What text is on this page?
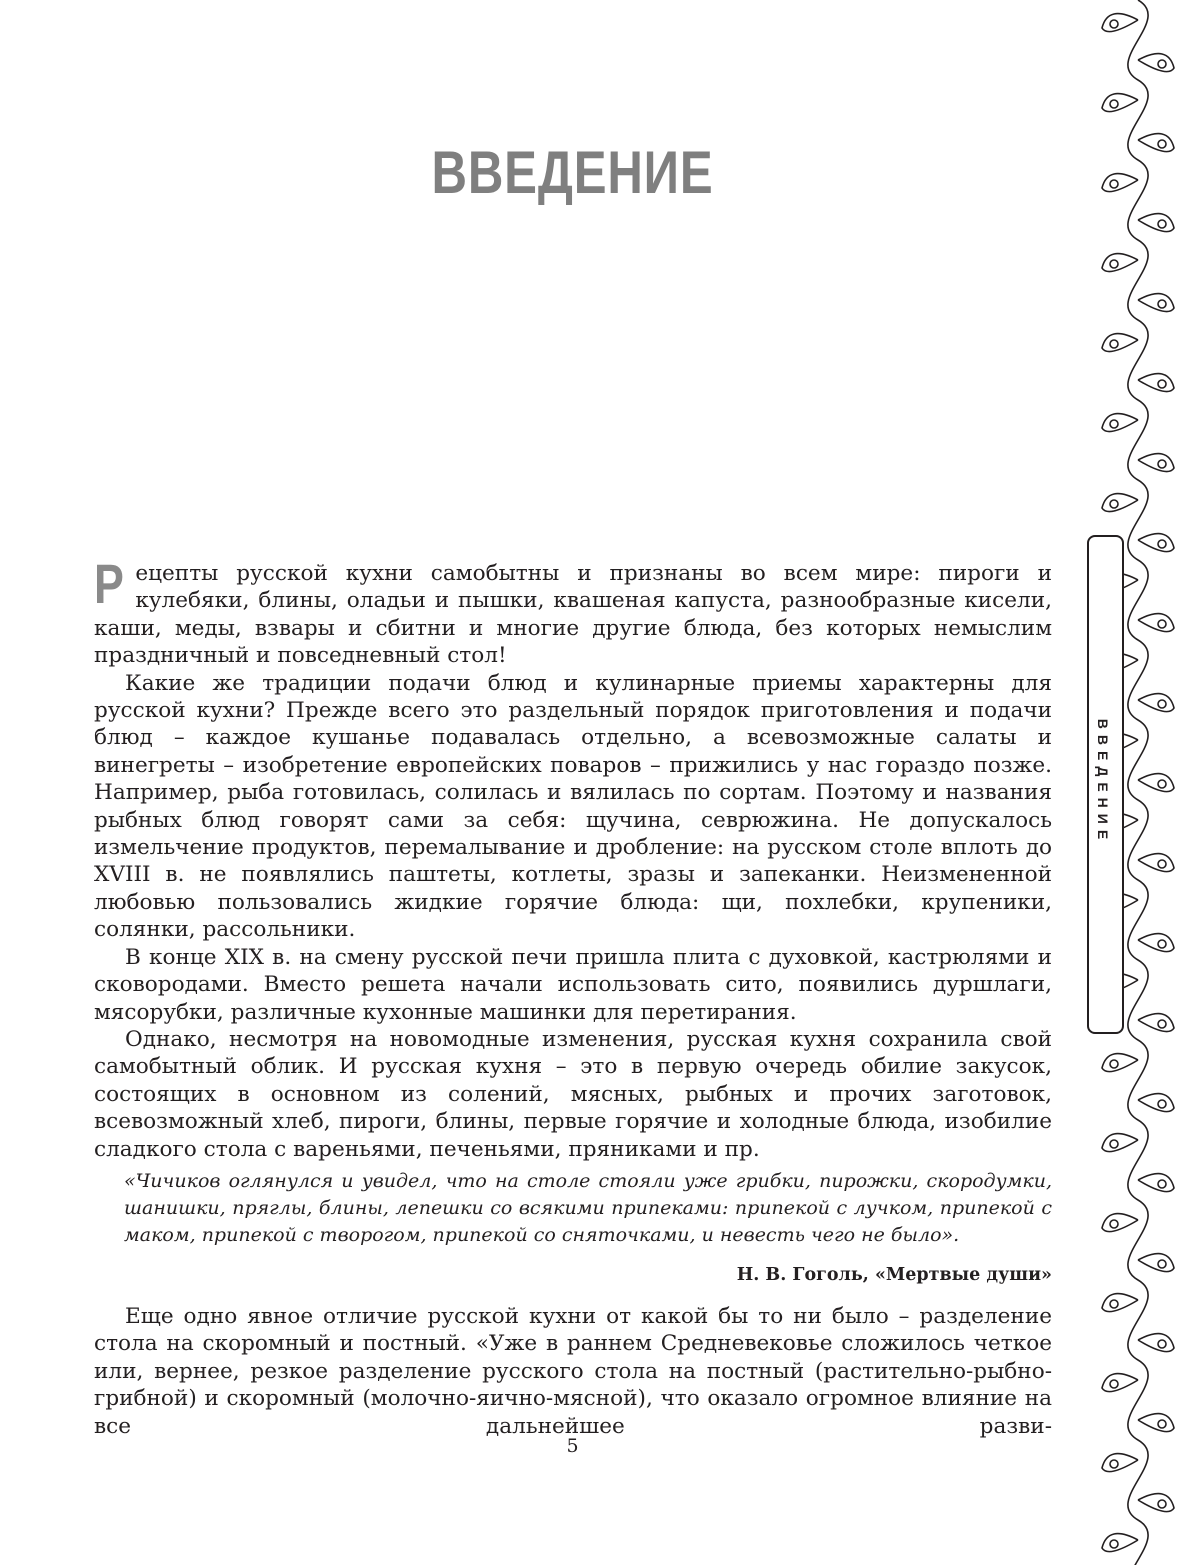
ВВЕДЕНИЕ

Рецепты русской кухни самобытны и признаны во всем мире: пироги и кулебяки, блины, оладьи и пышки, квашеная капуста, разнообразные кисели, каши, меды, взвары и сбитни и многие другие блюда, без которых немыслим праздничный и повседневный стол!

Какие же традиции подачи блюд и кулинарные приемы характерны для русской кухни? Прежде всего это раздельный порядок приготовления и подачи блюд – каждое кушанье подавалась отдельно, а всевозможные салаты и винегреты – изобретение европейских поваров – прижились у нас гораздо позже. Например, рыба готовилась, солилась и вялилась по сортам. Поэтому и названия рыбных блюд говорят сами за себя: щучина, севрюжина. Не допускалось измельчение продуктов, перемалывание и дробление: на русском столе вплоть до XVIII в. не появлялись паштеты, котлеты, зразы и запеканки. Неизмененной любовью пользовались жидкие горячие блюда: щи, похлебки, крупеники, солянки, рассольники.

В конце XIX в. на смену русской печи пришла плита с духовкой, кастрюлями и сковородами. Вместо решета начали использовать сито, появились дуршлаги, мясорубки, различные кухонные машинки для перетирания.

Однако, несмотря на новомодные изменения, русская кухня сохранила свой самобытный облик. И русская кухня – это в первую очередь обилие закусок, состоящих в основном из солений, мясных, рыбных и прочих заготовок, всевозможный хлеб, пироги, блины, первые горячие и холодные блюда, изобилие сладкого стола с вареньями, печеньями, пряниками и пр.

«Чичиков оглянулся и увидел, что на столе стояли уже грибки, пирожки, скородумки, шанишки, пряглы, блины, лепешки со всякими припеками: припекой с лучком, припекой с маком, припекой с творогом, припекой со сняточками, и невесть чего не было».

Н. В. Гоголь, «Мертвые души»

Еще одно явное отличие русской кухни от какой бы то ни было – разделение стола на скоромный и постный. «Уже в раннем Средневековье сложилось четкое или, вернее, резкое разделение русского стола на постный (растительно-рыбно-грибной) и скоромный (молочно-яично-мясной), что оказало огромное влияние на все дальнейшее разви-

5
ВВЕДЕНИЕ
